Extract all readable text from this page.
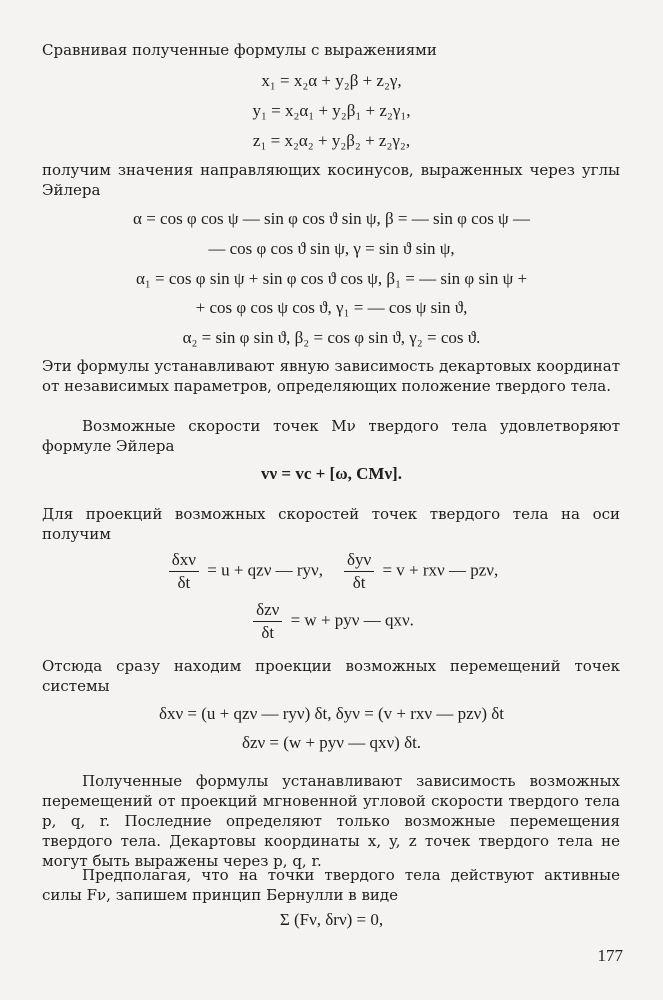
Сравнивая полученные формулы с выражениями
x₁ = x₂α + y₂β + z₂γ,
y₁ = x₂α₁ + y₂β₁ + z₂γ₁,
z₁ = x₂α₂ + y₂β₂ + z₂γ₂,
получим значения направляющих косинусов, выраженных через углы Эйлера
α = cos φ cos ψ — sin φ cos ϑ sin ψ, β = — sin φ cos ψ —
— cos φ cos ϑ sin ψ, γ = sin ϑ sin ψ,
α₁ = cos φ sin ψ + sin φ cos ϑ cos ψ, β₁ = — sin φ sin ψ +
+ cos φ cos ψ cos ϑ, γ₁ = — cos ψ sin ϑ,
α₂ = sin φ sin ϑ, β₂ = cos φ sin ϑ, γ₂ = cos ϑ.
Эти формулы устанавливают явную зависимость декартовых координат от независимых параметров, определяющих положение твердого тела.
Возможные скорости точек Mν твердого тела удовлетворяют формуле Эйлера
vν = vc + [ω, CMν].
Для проекций возможных скоростей точек твердого тела на оси получим
$\frac{\text{δxν}}{\delta t} = u + qz\nu$ — ryν, $\frac{\text{δyν}}{\delta t} = v + rx\nu$ — pzν,
$\frac{\text{δzν}}{\delta t} = w + py\nu$ — qxν.
Отсюда сразу находим проекции возможных перемещений точек системы
δxν = (u + qzν — ryν) δt, δyν = (v + rxν — pzν) δt
δzν = (w + pyν — qxν) δt.
Полученные формулы устанавливают зависимость возможных перемещений от проекций мгновенной угловой скорости твердого тела p, q, r. Последние определяют только возможные перемещения твердого тела. Декартовы координаты x, y, z точек твердого тела не могут быть выражены через p, q, r.
Предполагая, что на точки твердого тела действуют активные силы Fν, запишем принцип Бернулли в виде
Σ (Fν, δrν) = 0,
177
